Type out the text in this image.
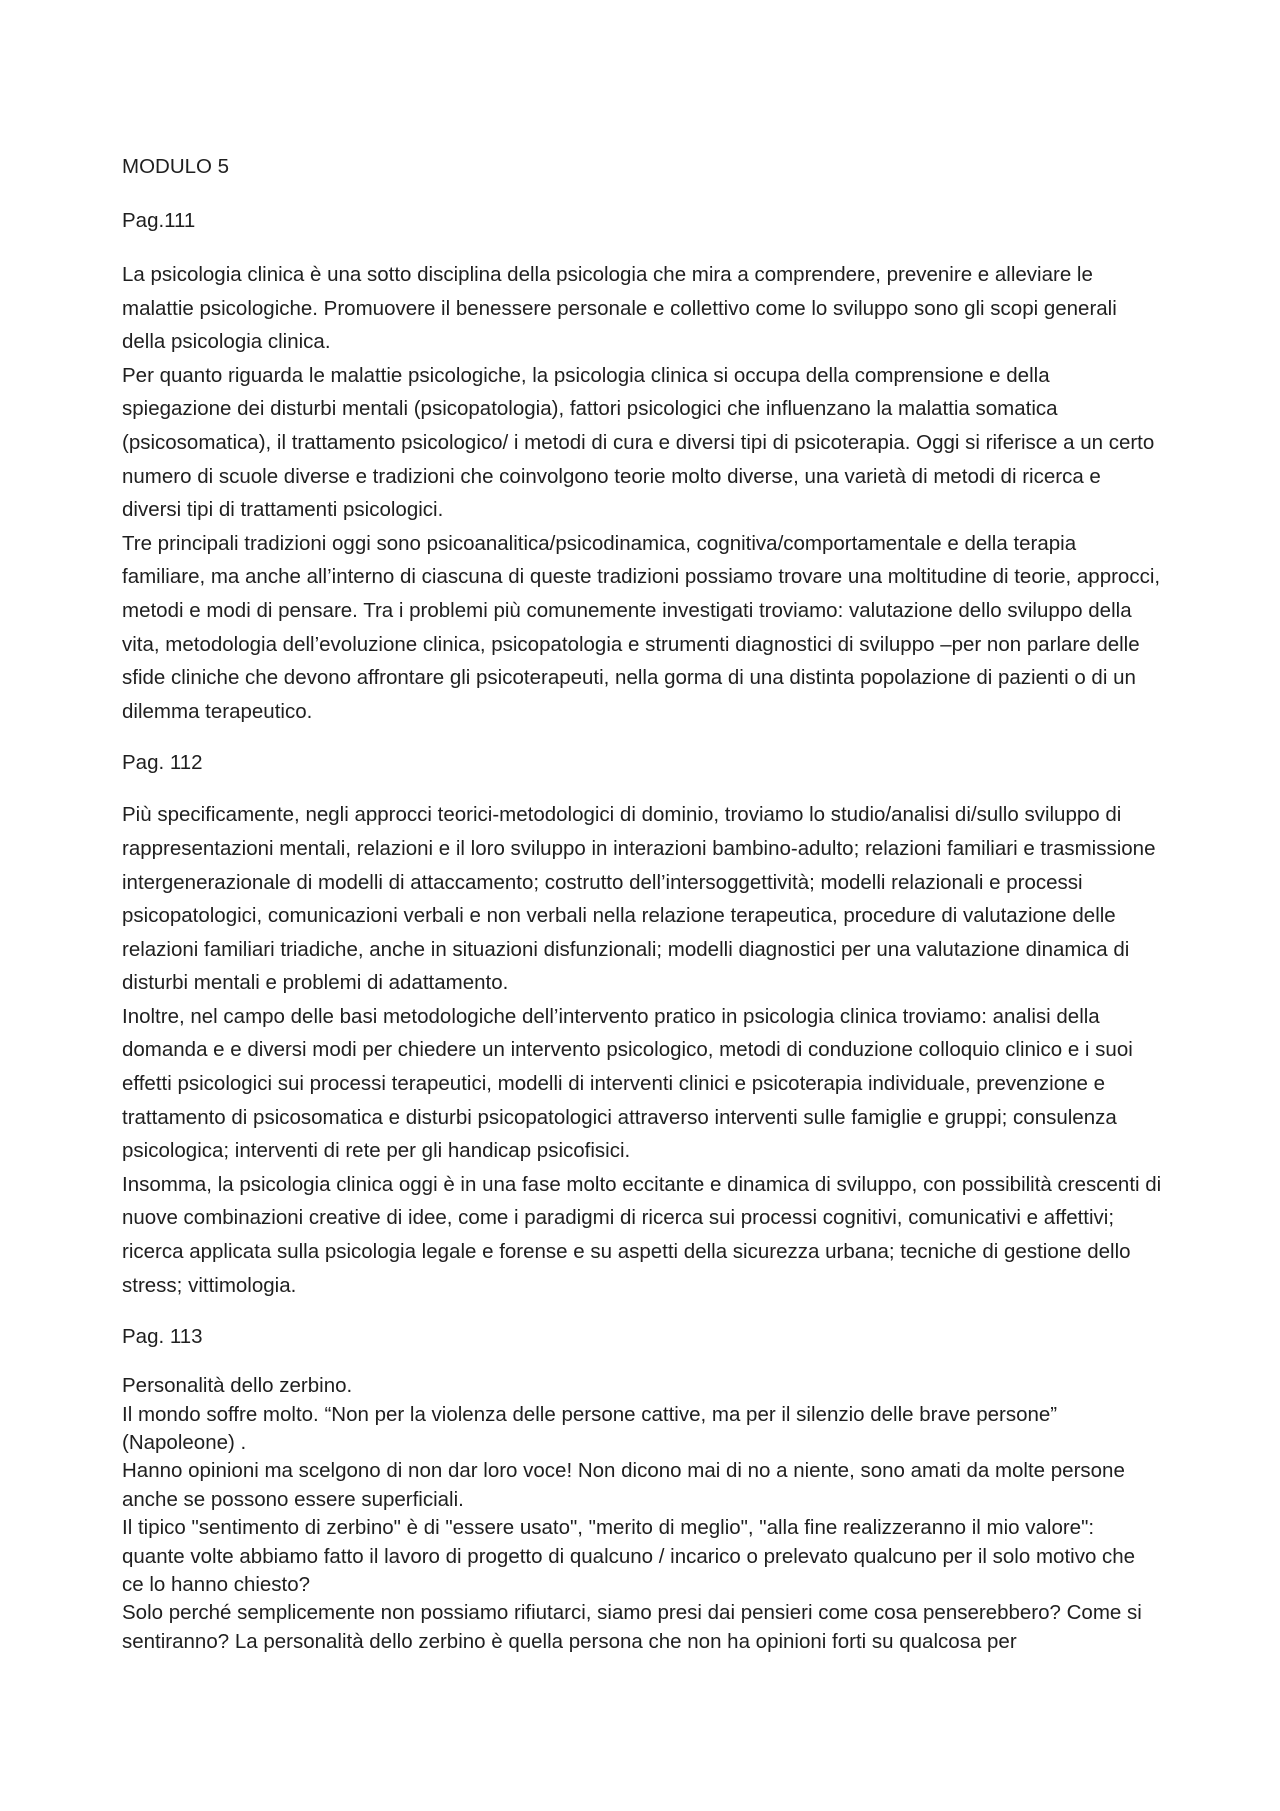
MODULO 5

Pag.111

La psicologia clinica è una sotto disciplina della psicologia che mira a comprendere, prevenire e alleviare le malattie psicologiche. Promuovere il benessere personale e collettivo come lo sviluppo sono gli scopi generali della psicologia clinica.

Per quanto riguarda le malattie psicologiche, la psicologia clinica si occupa della comprensione e della spiegazione dei disturbi mentali (psicopatologia), fattori psicologici che influenzano la malattia somatica (psicosomatica), il trattamento psicologico/ i metodi di cura e diversi tipi di psicoterapia. Oggi si riferisce a un certo numero di scuole diverse e tradizioni che coinvolgono teorie molto diverse, una varietà di metodi di ricerca e diversi tipi di trattamenti psicologici.

Tre principali tradizioni oggi sono psicoanalitica/psicodinamica, cognitiva/comportamentale e della terapia familiare, ma anche all’interno di ciascuna di queste tradizioni possiamo trovare una moltitudine di teorie, approcci, metodi e modi di pensare. Tra i problemi più comunemente investigati troviamo: valutazione dello sviluppo della vita, metodologia dell’evoluzione clinica, psicopatologia e strumenti diagnostici di sviluppo –per non parlare delle sfide cliniche che devono affrontare gli psicoterapeuti, nella gorma di una distinta popolazione di pazienti o di un dilemma terapeutico.

Pag. 112

Più specificamente, negli approcci teorici-metodologici di dominio, troviamo lo studio/analisi di/sullo sviluppo di rappresentazioni mentali, relazioni e il loro sviluppo in interazioni bambino-adulto; relazioni familiari e trasmissione intergenerazionale di modelli di attaccamento; costrutto dell’intersoggettività; modelli relazionali e processi psicopatologici, comunicazioni verbali e non verbali nella relazione terapeutica, procedure di valutazione delle relazioni familiari triadiche, anche in situazioni disfunzionali; modelli diagnostici per una valutazione dinamica di disturbi mentali e problemi di adattamento.

Inoltre, nel campo delle basi metodologiche dell’intervento pratico in psicologia clinica troviamo: analisi della domanda e e diversi modi per chiedere un intervento psicologico, metodi di conduzione colloquio clinico e i suoi effetti psicologici sui processi terapeutici, modelli di interventi clinici e psicoterapia individuale, prevenzione e trattamento di psicosomatica e disturbi psicopatologici attraverso interventi sulle famiglie e gruppi; consulenza psicologica; interventi di rete per gli handicap psicofisici.

Insomma, la psicologia clinica oggi è in una fase molto eccitante e dinamica di sviluppo, con possibilità crescenti di nuove combinazioni creative di idee, come i paradigmi di ricerca sui processi cognitivi, comunicativi e affettivi; ricerca applicata sulla psicologia legale e forense e su aspetti della sicurezza urbana; tecniche di gestione dello stress; vittimologia.

Pag. 113

Personalità dello zerbino.

Il mondo soffre molto. “Non per la violenza delle persone cattive, ma per il silenzio delle brave persone” (Napoleone) .

Hanno opinioni ma scelgono di non dar loro voce! Non dicono mai di no a niente, sono amati da molte persone anche se possono essere superficiali.

Il tipico "sentimento di zerbino" è di "essere usato", "merito di meglio", "alla fine realizzeranno il mio valore": quante volte abbiamo fatto il lavoro di progetto di qualcuno / incarico o prelevato qualcuno per il solo motivo che ce lo hanno chiesto?

Solo perché semplicemente non possiamo rifiutarci, siamo presi dai pensieri come cosa penserebbero? Come si sentiranno? La personalità dello zerbino è quella persona che non ha opinioni forti su qualcosa per
